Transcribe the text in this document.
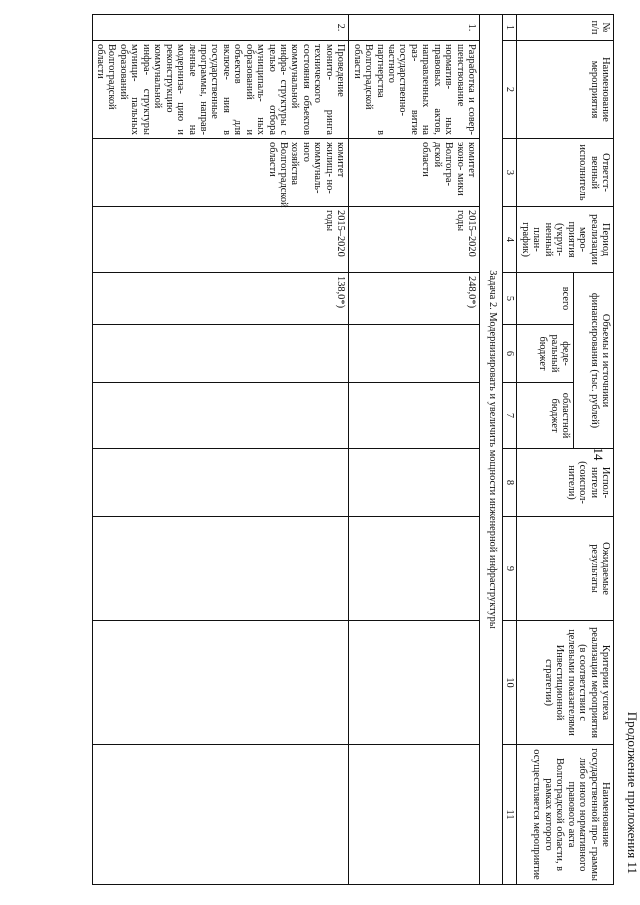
14
Продолжение приложения 11
№ п/п	Наименование мероприятия	Ответст- венный исполнитель	Период реализации меро- приятия (укруп- ненный план- график)	Объемы и источники финансирования (тыс. рублей)			Испол- нители (соиспол- нители)	Ожидаемые результаты	Критерии успеха реализации мероприятия (в соответствии с целевыми показателями Инвестиционной стратегии)	Наименование государственной про- граммы либо иного нормативного правового акта Волгоградской области, в рамках которого осуществляется мероприятие
				всего	феде- ральный бюджет	областной бюджет				
1	2	3	4	5	6	7	8	9	10	11
Задача 2. Модернизировать и увеличить мощности инженерной инфраструктуры										
1.	Разработка и совер- шенствование норматив- ных правовых актов, направленных на раз- витие государственно- частного партнерства в Волгоградской области	комитет эконо- мики Волгогра- дской области	2015–2020 годы	248,0*)						
2.	Проведение монито- ринга технического состояния объектов коммунальной инфра- структуры с целью отбора муниципаль- ных образований и объектов для включе- ния в государственные программы, направ- ленные на модерниза- цию и реконструкцию коммунальной инфра- структуры муници- пальных образований Волгоградской области	комитет жилищ- но-коммуналь- ного хозяйства Волгоградской области	2015–2020 годы	138,0*)						
